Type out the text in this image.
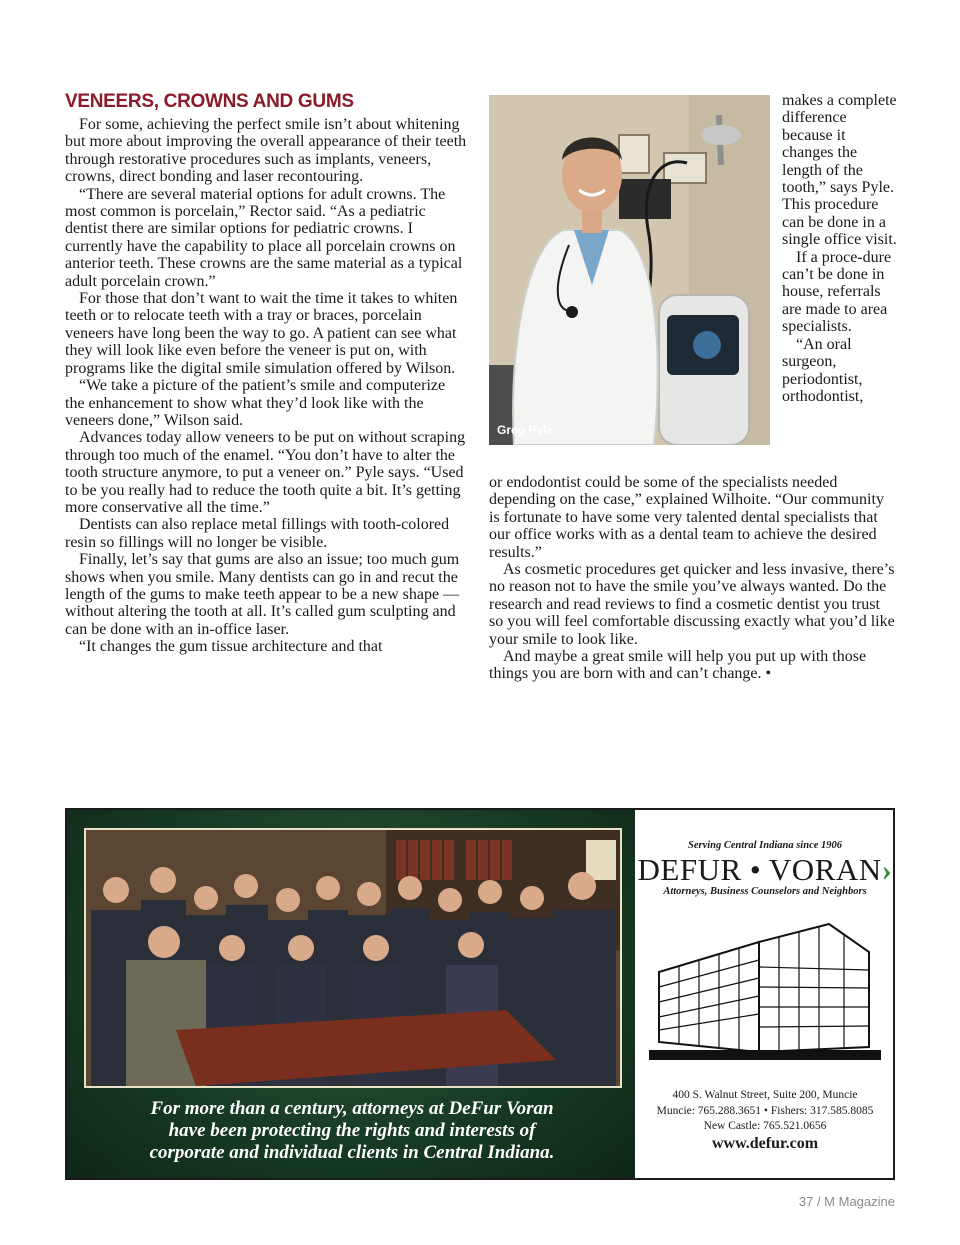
VENEERS, CROWNS AND GUMS

For some, achieving the perfect smile isn’t about whitening but more about improving the overall appearance of their teeth through restorative procedures such as implants, veneers, crowns, direct bonding and laser recontouring.

“There are several material options for adult crowns. The most common is porcelain,” Rector said. “As a pediatric dentist there are similar options for pediatric crowns. I currently have the capability to place all porcelain crowns on anterior teeth. These crowns are the same material as a typical adult porcelain crown.”

For those that don’t want to wait the time it takes to whiten teeth or to relocate teeth with a tray or braces, porcelain veneers have long been the way to go. A patient can see what they will look like even before the veneer is put on, with programs like the digital smile simulation offered by Wilson.

“We take a picture of the patient’s smile and computerize the enhancement to show what they’d look like with the veneers done,” Wilson said.

Advances today allow veneers to be put on without scraping through too much of the enamel. “You don’t have to alter the tooth structure anymore, to put a veneer on.” Pyle says. “Used to be you really had to reduce the tooth quite a bit. It’s getting more conservative all the time.”

Dentists can also replace metal fillings with tooth-colored resin so fillings will no longer be visible.

Finally, let’s say that gums are also an issue; too much gum shows when you smile. Many dentists can go in and recut the length of the gums to make teeth appear to be a new shape — without altering the tooth at all. It’s called gum sculpting and can be done with an in-office laser.

“It changes the gum tissue architecture and that

Greg Pyle

makes a complete difference because it changes the length of the tooth,” says Pyle. This procedure can be done in a single office visit.

If a proce-dure can’t be done in house, referrals are made to area specialists.

“An oral surgeon, periodontist, orthodontist,

or endodontist could be some of the specialists needed depending on the case,” explained Wilhoite. “Our community is fortunate to have some very talented dental specialists that our office works with as a dental team to achieve the desired results.”

As cosmetic procedures get quicker and less invasive, there’s no reason not to have the smile you’ve always wanted. Do the research and read reviews to find a cosmetic dentist you trust so you will feel comfortable discussing exactly what you’d like your smile to look like.

And maybe a great smile will help you put up with those things you are born with and can’t change. •

For more than a century, attorneys at DeFur Voran
have been protecting the rights and interests of
corporate and individual clients in Central Indiana.
Serving Central Indiana since 1906
DEFUR • VORAN›
Attorneys, Business Counselors and Neighbors
400 S. Walnut Street, Suite 200, Muncie
Muncie: 765.288.3651 • Fishers: 317.585.8085
New Castle: 765.521.0656
www.defur.com
37 / M Magazine
